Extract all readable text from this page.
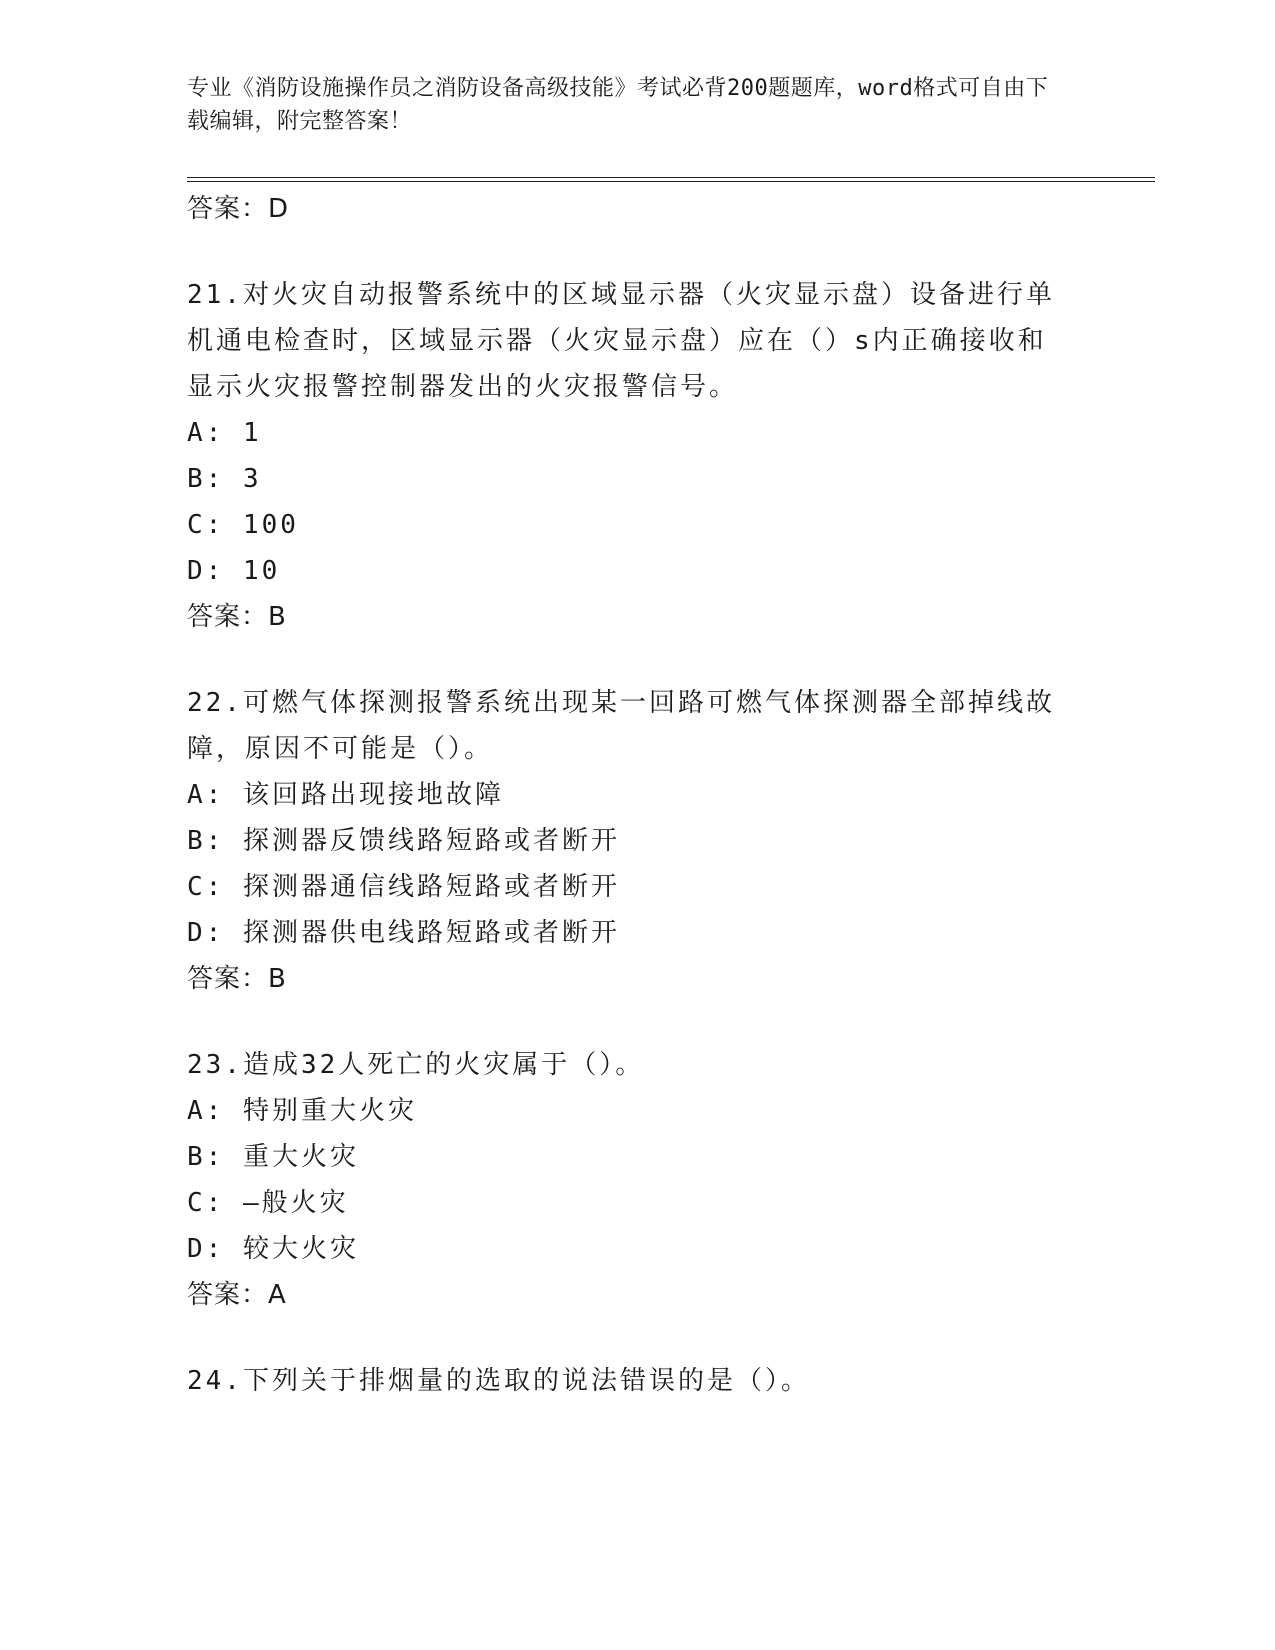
专业《消防设施操作员之消防设备高级技能》考试必背200题题库，word格式可自由下载编辑，附完整答案！
答案：D
21.对火灾自动报警系统中的区域显示器（火灾显示盘）设备进行单机通电检查时，区域显示器（火灾显示盘）应在（）s内正确接收和显示火灾报警控制器发出的火灾报警信号。
A: 1
B: 3
C: 100
D: 10
答案：B
22.可燃气体探测报警系统出现某一回路可燃气体探测器全部掉线故障，原因不可能是（）。
A: 该回路出现接地故障
B: 探测器反馈线路短路或者断开
C: 探测器通信线路短路或者断开
D: 探测器供电线路短路或者断开
答案：B
23.造成32人死亡的火灾属于（）。
A: 特别重大火灾
B: 重大火灾
C: —般火灾
D: 较大火灾
答案：A
24.下列关于排烟量的选取的说法错误的是（）。
